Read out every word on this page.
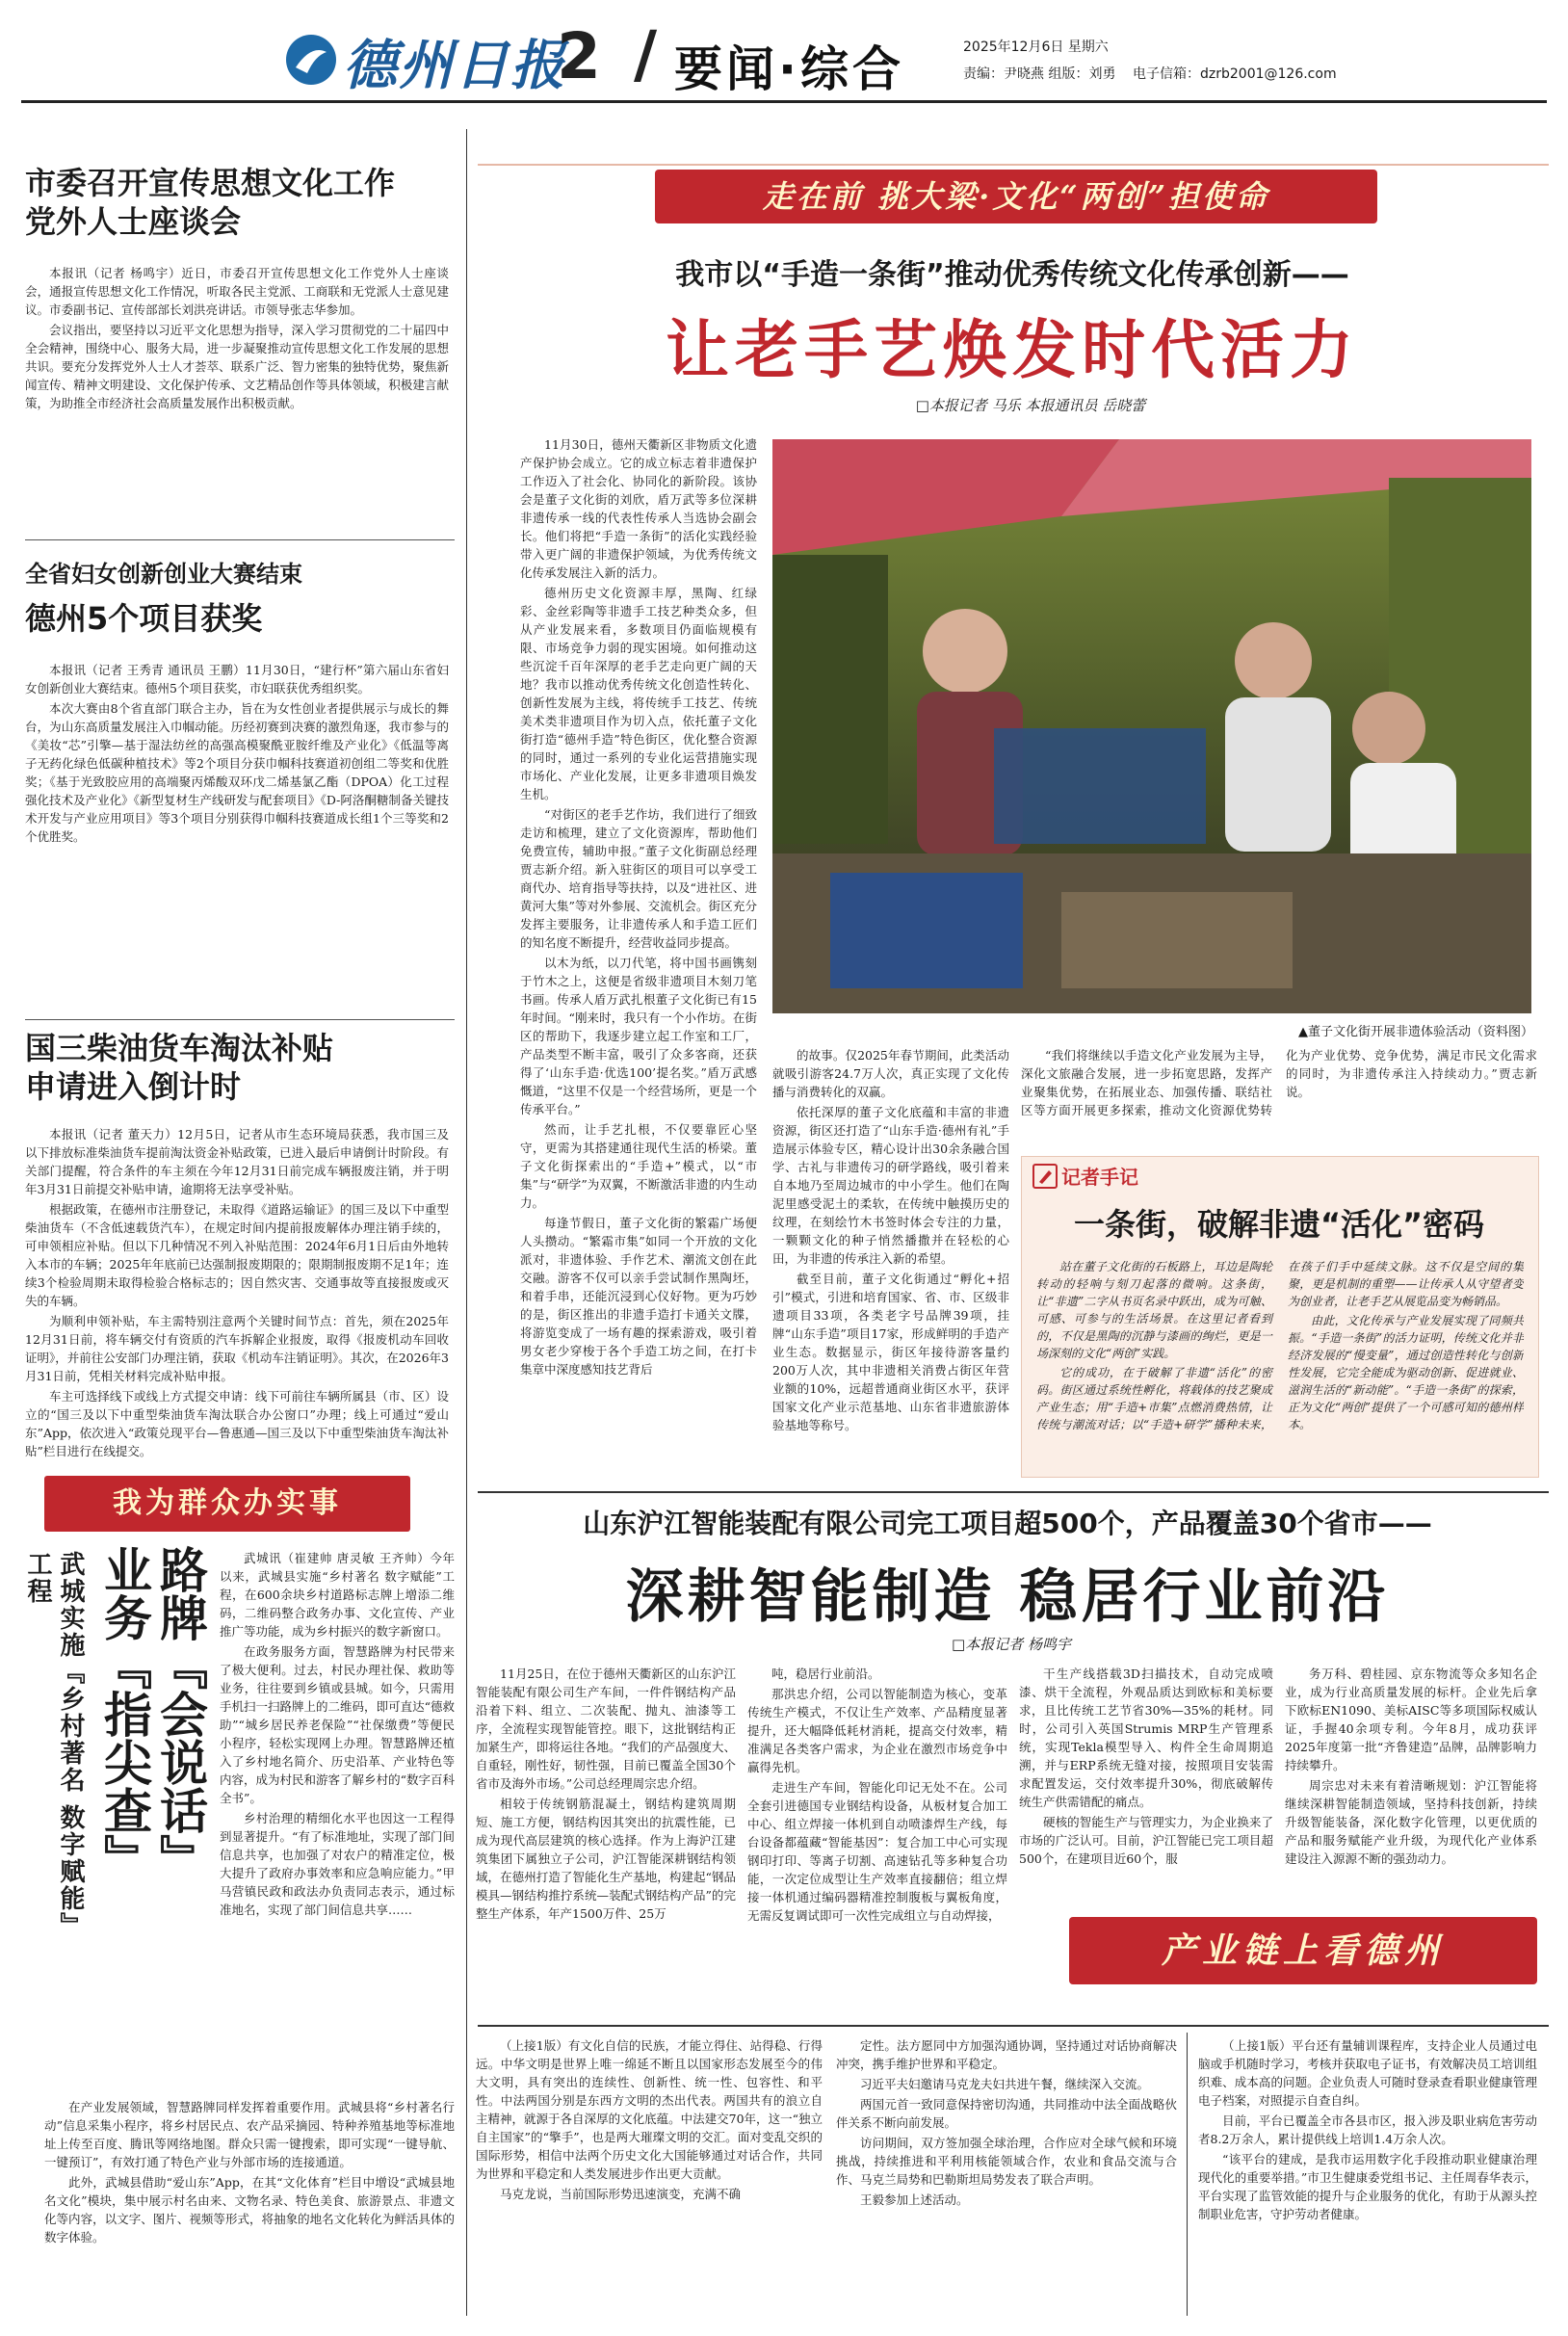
德州日报
2 / 要闻·综合	2025年12月6日 星期六
责编：尹晓燕 组版：刘勇 电子信箱：dzrb2001@126.com
市委召开宣传思想文化工作
党外人士座谈会

本报讯（记者 杨鸣宇）近日，市委召开宣传思想文化工作党外人士座谈会，通报宣传思想文化工作情况，听取各民主党派、工商联和无党派人士意见建议。市委副书记、宣传部部长刘洪亮讲话。市领导张志华参加。

会议指出，要坚持以习近平文化思想为指导，深入学习贯彻党的二十届四中全会精神，围绕中心、服务大局，进一步凝聚推动宣传思想文化工作发展的思想共识。要充分发挥党外人士人才荟萃、联系广泛、智力密集的独特优势，聚焦新闻宣传、精神文明建设、文化保护传承、文艺精品创作等具体领域，积极建言献策，为助推全市经济社会高质量发展作出积极贡献。

全省妇女创新创业大赛结束
德州5个项目获奖

本报讯（记者 王秀青 通讯员 王鹏）11月30日，“建行杯”第六届山东省妇女创新创业大赛结束。德州5个项目获奖，市妇联获优秀组织奖。

本次大赛由8个省直部门联合主办，旨在为女性创业者提供展示与成长的舞台，为山东高质量发展注入巾帼动能。历经初赛到决赛的激烈角逐，我市参与的《美妆“芯”引擎—基于湿法纺丝的高强高模聚酰亚胺纤维及产业化》《低温等离子无药化绿色低碳种植技术》等2个项目分获巾帼科技赛道初创组二等奖和优胜奖；《基于光致胶应用的高端聚丙烯酸双环戊二烯基氯乙酯（DPOA）化工过程强化技术及产业化》《新型复材生产线研发与配套项目》《D-阿洛酮糖制备关键技术开发与产业应用项目》等3个项目分别获得巾帼科技赛道成长组1个三等奖和2个优胜奖。

国三柴油货车淘汰补贴
申请进入倒计时

本报讯（记者 董天力）12月5日，记者从市生态环境局获悉，我市国三及以下排放标准柴油货车提前淘汰资金补贴政策，已进入最后申请倒计时阶段。有关部门提醒，符合条件的车主须在今年12月31日前完成车辆报废注销，并于明年3月31日前提交补贴申请，逾期将无法享受补贴。

根据政策，在德州市注册登记，未取得《道路运输证》的国三及以下中重型柴油货车（不含低速载货汽车），在规定时间内提前报废解体办理注销手续的，可申领相应补贴。但以下几种情况不列入补贴范围：2024年6月1日后由外地转入本市的车辆；2025年年底前已达强制报废期限的；限期制报废期不足1年；连续3个检验周期未取得检验合格标志的；因自然灾害、交通事故等直接报废或灭失的车辆。

为顺利申领补贴，车主需特别注意两个关键时间节点：首先，须在2025年12月31日前，将车辆交付有资质的汽车拆解企业报废，取得《报废机动车回收证明》，并前往公安部门办理注销，获取《机动车注销证明》。其次，在2026年3月31日前，凭相关材料完成补贴申报。

车主可选择线下或线上方式提交申请：线下可前往车辆所属县（市、区）设立的“国三及以下中重型柴油货车淘汰联合办公窗口”办理；线上可通过“爱山东”App，依次进入“政策兑现平台—鲁惠通—国三及以下中重型柴油货车淘汰补贴”栏目进行在线提交。

我为群众办实事
武城实施『乡村著名 数字赋能』工程	路牌『会说话』
业务『指尖查』	武城讯（崔建帅 唐灵敏 王齐帅）今年以来，武城县实施“乡村著名 数字赋能”工程，在600余块乡村道路标志牌上增添二维码，二维码整合政务办事、文化宣传、产业推广等功能，成为乡村振兴的数字新窗口。

在政务服务方面，智慧路牌为村民带来了极大便利。过去，村民办理社保、救助等业务，往往要到乡镇或县城。如今，只需用手机扫一扫路牌上的二维码，即可直达“德救助”“城乡居民养老保险”“社保缴费”等便民小程序，轻松实现网上办理。智慧路牌还植入了乡村地名简介、历史沿革、产业特色等内容，成为村民和游客了解乡村的“数字百科全书”。

乡村治理的精细化水平也因这一工程得到显著提升。“有了标准地址，实现了部门间信息共享，也加强了对农户的精准定位，极大提升了政府办事效率和应急响应能力。”甲马营镇民政和政法办负责同志表示，通过标准地名，实现了部门间信息共享……

在产业发展领域，智慧路牌同样发挥着重要作用。武城县将“乡村著名行动”信息采集小程序，将乡村居民点、农产品采摘园、特种养殖基地等标准地址上传至百度、腾讯等网络地图。群众只需一键搜索，即可实现“一键导航、一键预订”，有效打通了特色产业与外部市场的连接通道。

此外，武城县借助“爱山东”App，在其“文化体育”栏目中增设“武城县地名文化”模块，集中展示村名由来、文物名录、特色美食、旅游景点、非遗文化等内容，以文字、图片、视频等形式，将抽象的地名文化转化为鲜活具体的数字体验。

走在前 挑大梁·文化“两创”担使命
我市以“手造一条街”推动优秀传统文化传承创新——
让老手艺焕发时代活力
□本报记者 马乐 本报通讯员 岳晓蕾

11月30日，德州天衢新区非物质文化遗产保护协会成立。它的成立标志着非遗保护工作迈入了社会化、协同化的新阶段。该协会是董子文化街的刘欣，盾万武等多位深耕非遗传承一线的代表性传承人当选协会副会长。他们将把“手造一条街”的活化实践经验带入更广阔的非遗保护领域，为优秀传统文化传承发展注入新的活力。

德州历史文化资源丰厚，黑陶、红绿彩、金丝彩陶等非遗手工技艺种类众多，但从产业发展来看，多数项目仍面临规模有限、市场竞争力弱的现实困境。如何推动这些沉淀千百年深厚的老手艺走向更广阔的天地？我市以推动优秀传统文化创造性转化、创新性发展为主线，将传统手工技艺、传统美术类非遗项目作为切入点，依托董子文化街打造“德州手造”特色街区，优化整合资源的同时，通过一系列的专业化运营措施实现市场化、产业化发展，让更多非遗项目焕发生机。

“对街区的老手艺作坊，我们进行了细致走访和梳理，建立了文化资源库，帮助他们免费宣传，辅助申报。”董子文化街副总经理贾志新介绍。新入驻街区的项目可以享受工商代办、培育指导等扶持，以及“进社区、进黄河大集”等对外参展、交流机会。街区充分发挥主要服务，让非遗传承人和手造工匠们的知名度不断提升，经营收益同步提高。

以木为纸，以刀代笔，将中国书画镌刻于竹木之上，这便是省级非遗项目木刻刀笔书画。传承人盾万武扎根董子文化街已有15年时间。“刚来时，我只有一个小作坊。在街区的帮助下，我逐步建立起工作室和工厂，产品类型不断丰富，吸引了众多客商，还获得了‘山东手造·优选100’提名奖。”盾万武感慨道，“这里不仅是一个经营场所，更是一个传承平台。”

然而，让手艺扎根，不仅要靠匠心坚守，更需为其搭建通往现代生活的桥梁。董子文化街探索出的“手造+”模式，以“市集”与“研学”为双翼，不断激活非遗的内生动力。

每逢节假日，董子文化街的繁霜广场便人头攒动。“繁霜市集”如同一个开放的文化派对，非遗体验、手作艺术、潮流文创在此交融。游客不仅可以亲手尝试制作黑陶坯，和着手串，还能沉浸到心仪好物。更为巧妙的是，街区推出的非遗手造打卡通关文牒，将游览变成了一场有趣的探索游戏，吸引着男女老少穿梭于各个手造工坊之间，在打卡集章中深度感知技艺背后

▲董子文化街开展非遗体验活动（资料图）

的故事。仅2025年春节期间，此类活动就吸引游客24.7万人次，真正实现了文化传播与消费转化的双赢。

依托深厚的董子文化底蕴和丰富的非遗资源，街区还打造了“山东手造·德州有礼”手造展示体验专区，精心设计出30余条融合国学、古礼与非遗传习的研学路线，吸引着来自本地乃至周边城市的中小学生。他们在陶泥里感受泥土的柔软，在传统中触摸历史的纹理，在刻绘竹木书签时体会专注的力量，一颗颗文化的种子悄然播撒并在轻松的心田，为非遗的传承注入新的希望。

截至目前，董子文化街通过“孵化+招引”模式，引进和培育国家、省、市、区级非遗项目33项，各类老字号品牌39项，挂牌“山东手造”项目17家，形成鲜明的手造产业生态。数据显示，街区年接待游客量约200万人次，其中非遗相关消费占街区年营业额的10%，远超普通商业街区水平，获评国家文化产业示范基地、山东省非遗旅游体验基地等称号。

“我们将继续以手造文化产业发展为主导，深化文旅融合发展，进一步拓宽思路，发挥产业聚集优势，在拓展业态、加强传播、联结社区等方面开展更多探索，推动文化资源优势转化为产业优势、竞争优势，满足市民文化需求的同时，为非遗传承注入持续动力。”贾志新说。

记者手记
一条街，破解非遗“活化”密码

站在董子文化街的石板路上，耳边是陶轮转动的轻响与刻刀起落的微响。这条街，让“非遗”二字从书页名录中跃出，成为可触、可感、可参与的生活场景。在这里记者看到的，不仅是黑陶的沉静与漆画的绚烂，更是一场深刻的文化“两创”实践。

它的成功，在于破解了非遗“活化”的密码。街区通过系统性孵化，将载体的技艺聚成产业生态；用“手造+市集”点燃消费热情，让传统与潮流对话；以“手造+研学”播种未来，在孩子们手中延续文脉。这不仅是空间的集聚，更是机制的重塑——让传承人从守望者变为创业者，让老手艺从展览品变为畅销品。

由此，文化传承与产业发展实现了同频共振。“手造一条街”的活力证明，传统文化并非经济发展的“慢变量”，通过创造性转化与创新性发展，它完全能成为驱动创新、促进就业、滋润生活的“新动能”。“手造一条街”的探索，正为文化“两创”提供了一个可感可知的德州样本。

山东沪江智能装配有限公司完工项目超500个，产品覆盖30个省市——
深耕智能制造 稳居行业前沿
□本报记者 杨鸣宇

11月25日，在位于德州天衢新区的山东沪江智能装配有限公司生产车间，一件件钢结构产品沿着下料、组立、二次装配、抛丸、油漆等工序，全流程实现智能管控。眼下，这批钢结构正加紧生产，即将运往各地。“我们的产品强度大、自重轻，刚性好，韧性强，目前已覆盖全国30个省市及海外市场。”公司总经理周宗忠介绍。

相较于传统钢筋混凝土，钢结构建筑周期短、施工方便，钢结构因其突出的抗震性能，已成为现代高层建筑的核心选择。作为上海沪江建筑集团下属独立子公司，沪江智能深耕钢结构领域，在德州打造了智能化生产基地，构建起“钢品模具—钢结构推拧系统—装配式钢结构产品”的完整生产体系，年产1500万件、25万

吨，稳居行业前沿。

那洪忠介绍，公司以智能制造为核心，变革传统生产模式，不仅让生产效率、产品精度显著提升，还大幅降低耗材消耗，提高交付效率，精准满足各类客户需求，为企业在激烈市场竞争中赢得先机。

走进生产车间，智能化印记无处不在。公司全套引进德国专业钢结构设备，从板材复合加工中心、组立焊接一体机到自动喷漆焊生产线，每台设备都蕴藏“智能基因”：复合加工中心可实现钢印打印、等离子切割、高速钻孔等多种复合功能，一次定位成型让生产效率直接翻倍；组立焊接一体机通过编码器精准控制腹板与翼板角度，无需反复调试即可一次性完成组立与自动焊接，

干生产线搭载3D扫描技术，自动完成喷漆、烘干全流程，外观品质达到欧标和美标要求，且比传统工艺节省30%—35%的耗材。同时，公司引入英国Strumis MRP生产管理系统，实现Tekla模型导入、构件全生命周期追溯，并与ERP系统无缝对接，按照项目安装需求配置发运，交付效率提升30%，彻底破解传统生产供需错配的痛点。

硬核的智能生产与管理实力，为企业换来了市场的广泛认可。目前，沪江智能已完工项目超500个，在建项目近60个，服

务万科、碧桂园、京东物流等众多知名企业，成为行业高质量发展的标杆。企业先后拿下欧标EN1090、美标AISC等多项国际权威认证，手握40余项专利。今年8月，成功获评2025年度第一批“齐鲁建造”品牌，品牌影响力持续攀升。

周宗忠对未来有着清晰规划：沪江智能将继续深耕智能制造领域，坚持科技创新，持续升级智能装备，深化数字化管理，以更优质的产品和服务赋能产业升级，为现代化产业体系建设注入源源不断的强劲动力。

产业链上看德州

（上接1版）有文化自信的民族，才能立得住、站得稳、行得远。中华文明是世界上唯一绵延不断且以国家形态发展至今的伟大文明，具有突出的连续性、创新性、统一性、包容性、和平性。中法两国分别是东西方文明的杰出代表。两国共有的浪立自主精神，就源于各自深厚的文化底蕴。中法建交70年，这一“独立自主国家”的“擎手”，也是两大璀璨文明的交汇。面对变乱交织的国际形势，相信中法两个历史文化大国能够通过对话合作，共同为世界和平稳定和人类发展进步作出更大贡献。

马克龙说，当前国际形势迅速演变，充满不确

定性。法方愿同中方加强沟通协调，坚持通过对话协商解决冲突，携手维护世界和平稳定。

习近平夫妇邀请马克龙夫妇共进午餐，继续深入交流。

两国元首一致同意保持密切沟通，共同推动中法全面战略伙伴关系不断向前发展。

访问期间，双方签加强全球治理，合作应对全球气候和环境挑战，持续推进和平利用核能领域合作，农业和食品交流与合作、马克兰局势和巴勒斯坦局势发表了联合声明。

王毅参加上述活动。

（上接1版）平台还有量辅训课程库，支持企业人员通过电脑或手机随时学习，考核并获取电子证书，有效解决员工培训组织难、成本高的问题。企业负责人可随时登录查看职业健康管理电子档案，对照提示自查自纠。

目前，平台已覆盖全市各县市区，报入涉及职业病危害劳动者8.2万余人，累计提供线上培训1.4万余人次。

“该平台的建成，是我市运用数字化手段推动职业健康治理现代化的重要举措。”市卫生健康委党组书记、主任周春华表示，平台实现了监管效能的提升与企业服务的优化，有助于从源头控制职业危害，守护劳动者健康。
